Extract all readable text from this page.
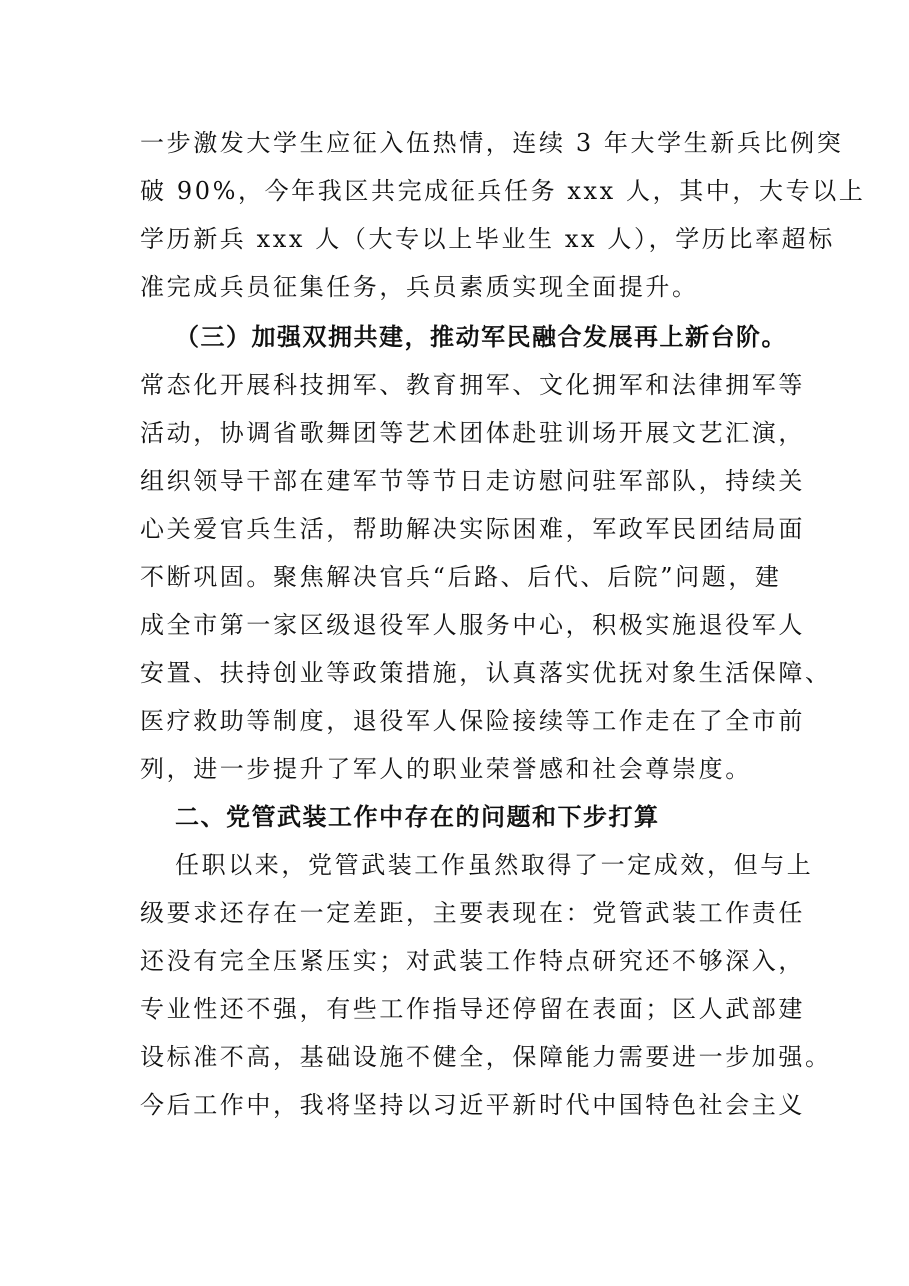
一步激发大学生应征入伍热情，连续 3 年大学生新兵比例突
破 90%，今年我区共完成征兵任务 xxx 人，其中，大专以上
学历新兵 xxx 人（大专以上毕业生 xx 人），学历比率超标
准完成兵员征集任务，兵员素质实现全面提升。
（三）加强双拥共建，推动军民融合发展再上新台阶。
常态化开展科技拥军、教育拥军、文化拥军和法律拥军等
活动，协调省歌舞团等艺术团体赴驻训场开展文艺汇演，
组织领导干部在建军节等节日走访慰问驻军部队，持续关
心关爱官兵生活，帮助解决实际困难，军政军民团结局面
不断巩固。聚焦解决官兵“后路、后代、后院”问题，建
成全市第一家区级退役军人服务中心，积极实施退役军人
安置、扶持创业等政策措施，认真落实优抚对象生活保障、
医疗救助等制度，退役军人保险接续等工作走在了全市前
列，进一步提升了军人的职业荣誉感和社会尊崇度。
二、党管武装工作中存在的问题和下步打算
任职以来，党管武装工作虽然取得了一定成效，但与上
级要求还存在一定差距，主要表现在：党管武装工作责任
还没有完全压紧压实；对武装工作特点研究还不够深入，
专业性还不强，有些工作指导还停留在表面；区人武部建
设标准不高，基础设施不健全，保障能力需要进一步加强。
今后工作中，我将坚持以习近平新时代中国特色社会主义
